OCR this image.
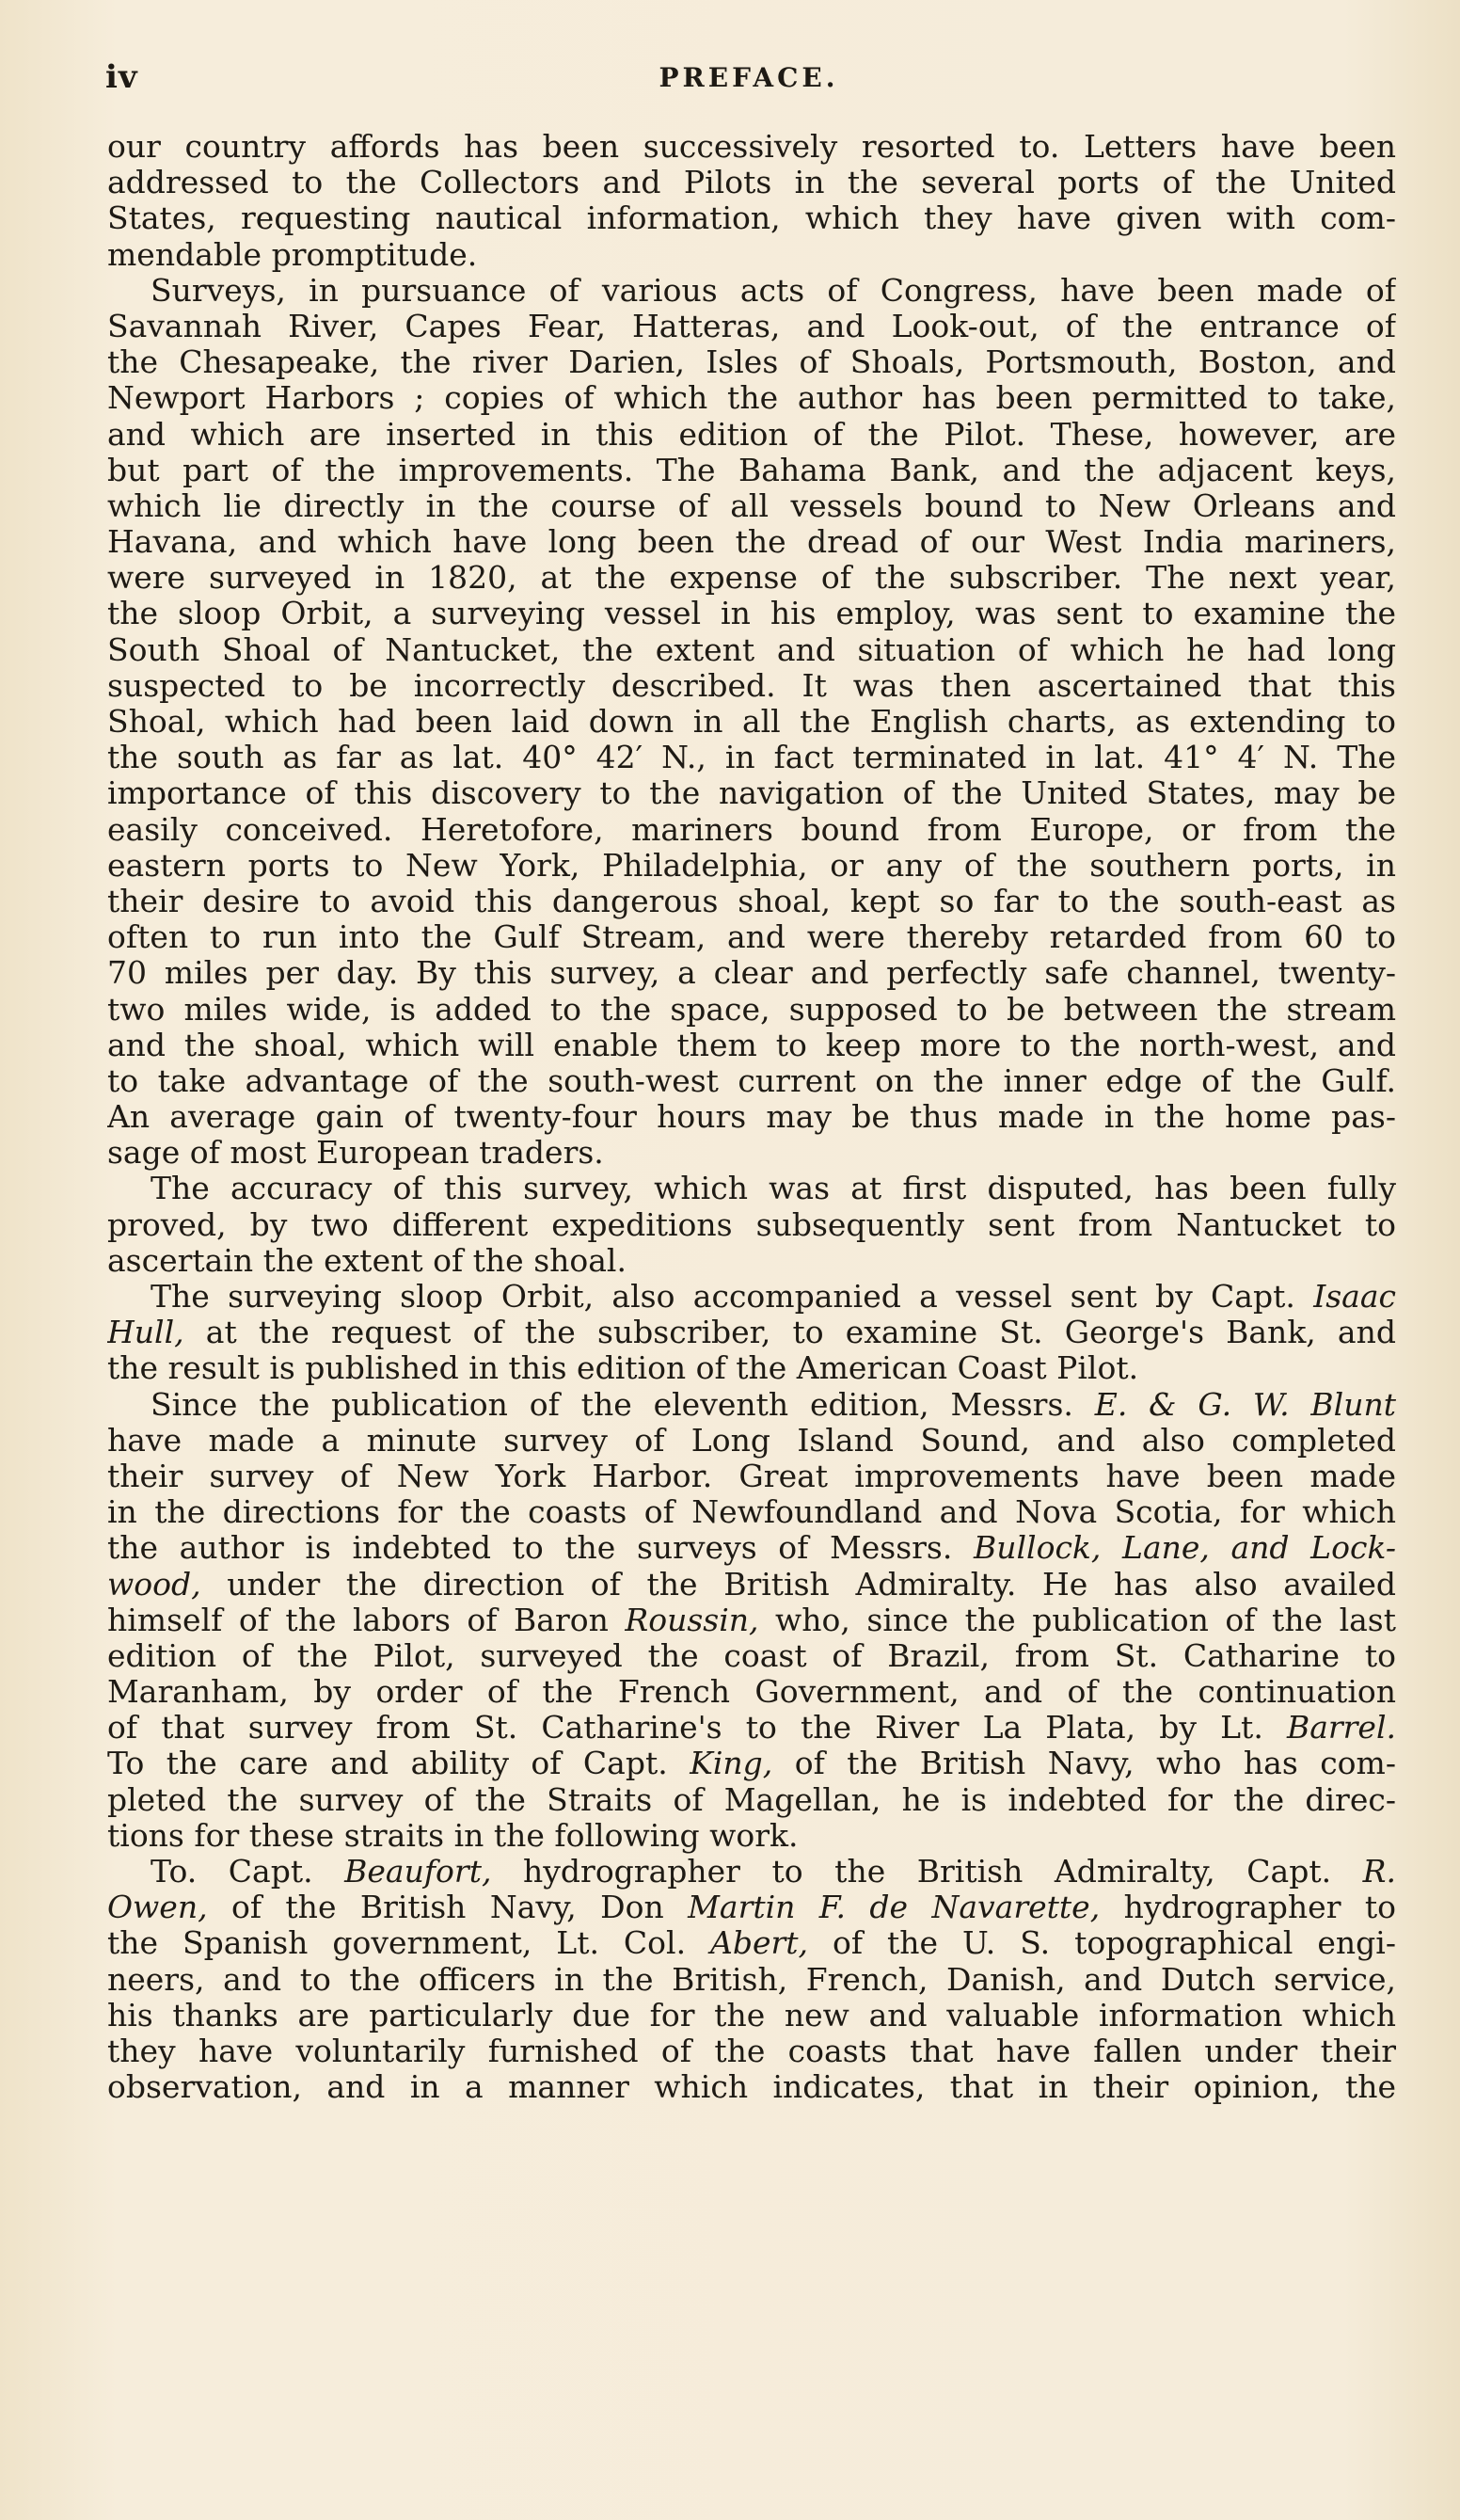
iv	PREFACE.
our country affords has been successively resorted to. Letters have been
addressed to the Collectors and Pilots in the several ports of the United
States, requesting nautical information, which they have given with com-
mendable promptitude.
Surveys, in pursuance of various acts of Congress, have been made of
Savannah River, Capes Fear, Hatteras, and Look-out, of the entrance of
the Chesapeake, the river Darien, Isles of Shoals, Portsmouth, Boston, and
Newport Harbors ; copies of which the author has been permitted to take,
and which are inserted in this edition of the Pilot. These, however, are
but part of the improvements. The Bahama Bank, and the adjacent keys,
which lie directly in the course of all vessels bound to New Orleans and
Havana, and which have long been the dread of our West India mariners,
were surveyed in 1820, at the expense of the subscriber. The next year,
the sloop Orbit, a surveying vessel in his employ, was sent to examine the
South Shoal of Nantucket, the extent and situation of which he had long
suspected to be incorrectly described. It was then ascertained that this
Shoal, which had been laid down in all the English charts, as extending to
the south as far as lat. 40° 42′ N., in fact terminated in lat. 41° 4′ N. The
importance of this discovery to the navigation of the United States, may be
easily conceived. Heretofore, mariners bound from Europe, or from the
eastern ports to New York, Philadelphia, or any of the southern ports, in
their desire to avoid this dangerous shoal, kept so far to the south-east as
often to run into the Gulf Stream, and were thereby retarded from 60 to
70 miles per day. By this survey, a clear and perfectly safe channel, twenty-
two miles wide, is added to the space, supposed to be between the stream
and the shoal, which will enable them to keep more to the north-west, and
to take advantage of the south-west current on the inner edge of the Gulf.
An average gain of twenty-four hours may be thus made in the home pas-
sage of most European traders.
The accuracy of this survey, which was at first disputed, has been fully
proved, by two different expeditions subsequently sent from Nantucket to
ascertain the extent of the shoal.
The surveying sloop Orbit, also accompanied a vessel sent by Capt. Isaac
Hull, at the request of the subscriber, to examine St. George's Bank, and
the result is published in this edition of the American Coast Pilot.
Since the publication of the eleventh edition, Messrs. E. & G. W. Blunt
have made a minute survey of Long Island Sound, and also completed
their survey of New York Harbor. Great improvements have been made
in the directions for the coasts of Newfoundland and Nova Scotia, for which
the author is indebted to the surveys of Messrs. Bullock, Lane, and Lock-
wood, under the direction of the British Admiralty. He has also availed
himself of the labors of Baron Roussin, who, since the publication of the last
edition of the Pilot, surveyed the coast of Brazil, from St. Catharine to
Maranham, by order of the French Government, and of the continuation
of that survey from St. Catharine's to the River La Plata, by Lt. Barrel.
To the care and ability of Capt. King, of the British Navy, who has com-
pleted the survey of the Straits of Magellan, he is indebted for the direc-
tions for these straits in the following work.
To. Capt. Beaufort, hydrographer to the British Admiralty, Capt. R.
Owen, of the British Navy, Don Martin F. de Navarette, hydrographer to
the Spanish government, Lt. Col. Abert, of the U. S. topographical engi-
neers, and to the officers in the British, French, Danish, and Dutch service,
his thanks are particularly due for the new and valuable information which
they have voluntarily furnished of the coasts that have fallen under their
observation, and in a manner which indicates, that in their opinion, the
